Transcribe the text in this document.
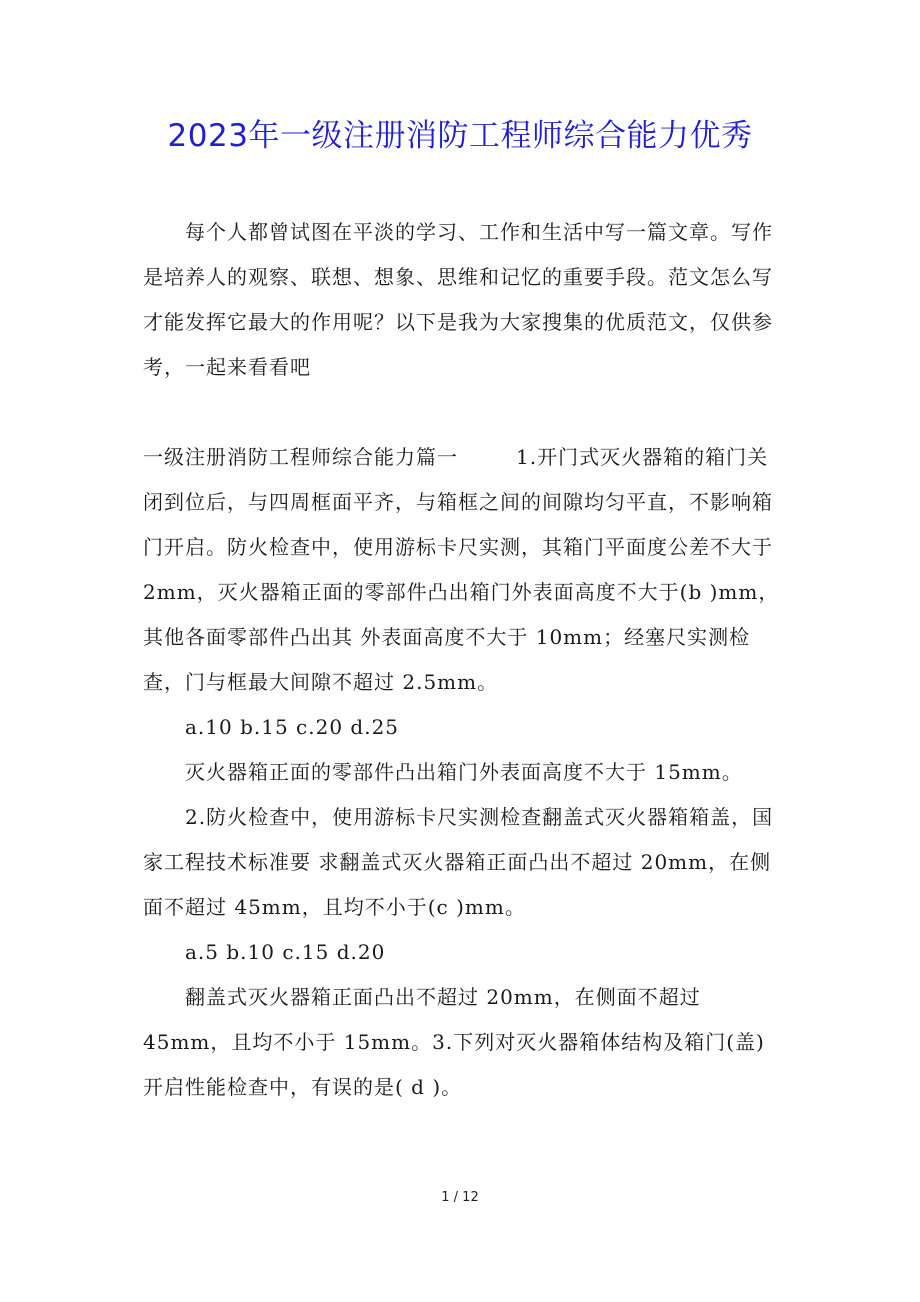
2023年一级注册消防工程师综合能力优秀

每个人都曾试图在平淡的学习、工作和生活中写一篇文章。写作是培养人的观察、联想、想象、思维和记忆的重要手段。范文怎么写才能发挥它最大的作用呢？以下是我为大家搜集的优质范文，仅供参考，一起来看看吧

一级注册消防工程师综合能力篇一	1.开门式灭火器箱的箱门关闭到位后，与四周框面平齐，与箱框之间的间隙均匀平直，不影响箱门开启。防火检查中，使用游标卡尺实测，其箱门平面度公差不大于 2mm，灭火器箱正面的零部件凸出箱门外表面高度不大于(b )mm，其他各面零部件凸出其 外表面高度不大于 10mm；经塞尺实测检查，门与框最大间隙不超过 2.5mm。

a.10 b.15 c.20 d.25

灭火器箱正面的零部件凸出箱门外表面高度不大于 15mm。

2.防火检查中，使用游标卡尺实测检查翻盖式灭火器箱箱盖，国家工程技术标准要 求翻盖式灭火器箱正面凸出不超过 20mm，在侧面不超过 45mm，且均不小于(c )mm。

a.5 b.10 c.15 d.20

翻盖式灭火器箱正面凸出不超过 20mm，在侧面不超过 45mm，且均不小于 15mm。3.下列对灭火器箱体结构及箱门(盖)开启性能检查中，有误的是( d )。

1 / 12
